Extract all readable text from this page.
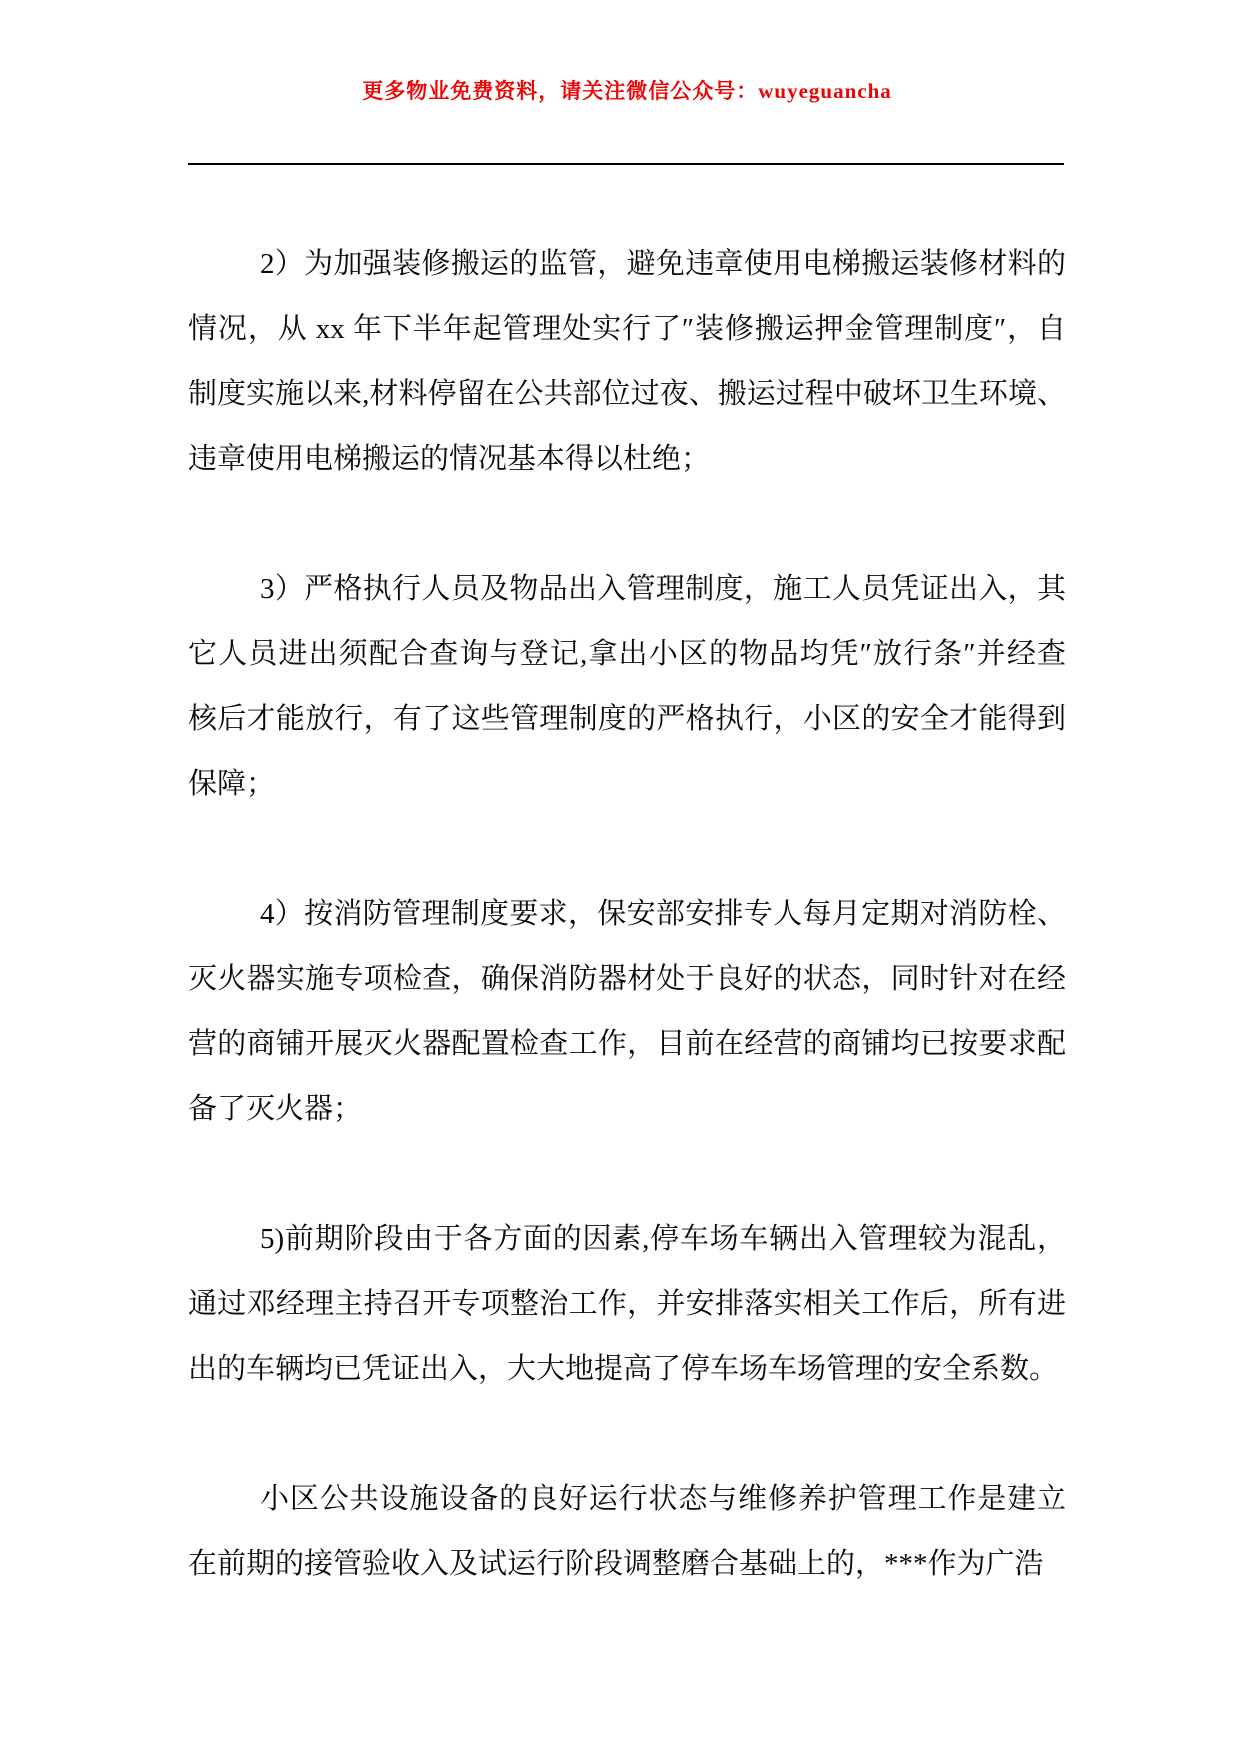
更多物业免费资料，请关注微信公众号：wuyeguancha
2）为加强装修搬运的监管，避免违章使用电梯搬运装修材料的
情况，从 xx 年下半年起管理处实行了″装修搬运押金管理制度″，自
制度实施以来,材料停留在公共部位过夜、搬运过程中破坏卫生环境、
违章使用电梯搬运的情况基本得以杜绝；
3）严格执行人员及物品出入管理制度，施工人员凭证出入，其
它人员进出须配合查询与登记,拿出小区的物品均凭″放行条″并经查
核后才能放行，有了这些管理制度的严格执行，小区的安全才能得到
保障；
4）按消防管理制度要求，保安部安排专人每月定期对消防栓、
灭火器实施专项检查，确保消防器材处于良好的状态，同时针对在经
营的商铺开展灭火器配置检查工作，目前在经营的商铺均已按要求配
备了灭火器；
5)前期阶段由于各方面的因素,停车场车辆出入管理较为混乱，
通过邓经理主持召开专项整治工作，并安排落实相关工作后，所有进
出的车辆均已凭证出入，大大地提高了停车场车场管理的安全系数。
小区公共设施设备的良好运行状态与维修养护管理工作是建立
在前期的接管验收入及试运行阶段调整磨合基础上的，***作为广浩
